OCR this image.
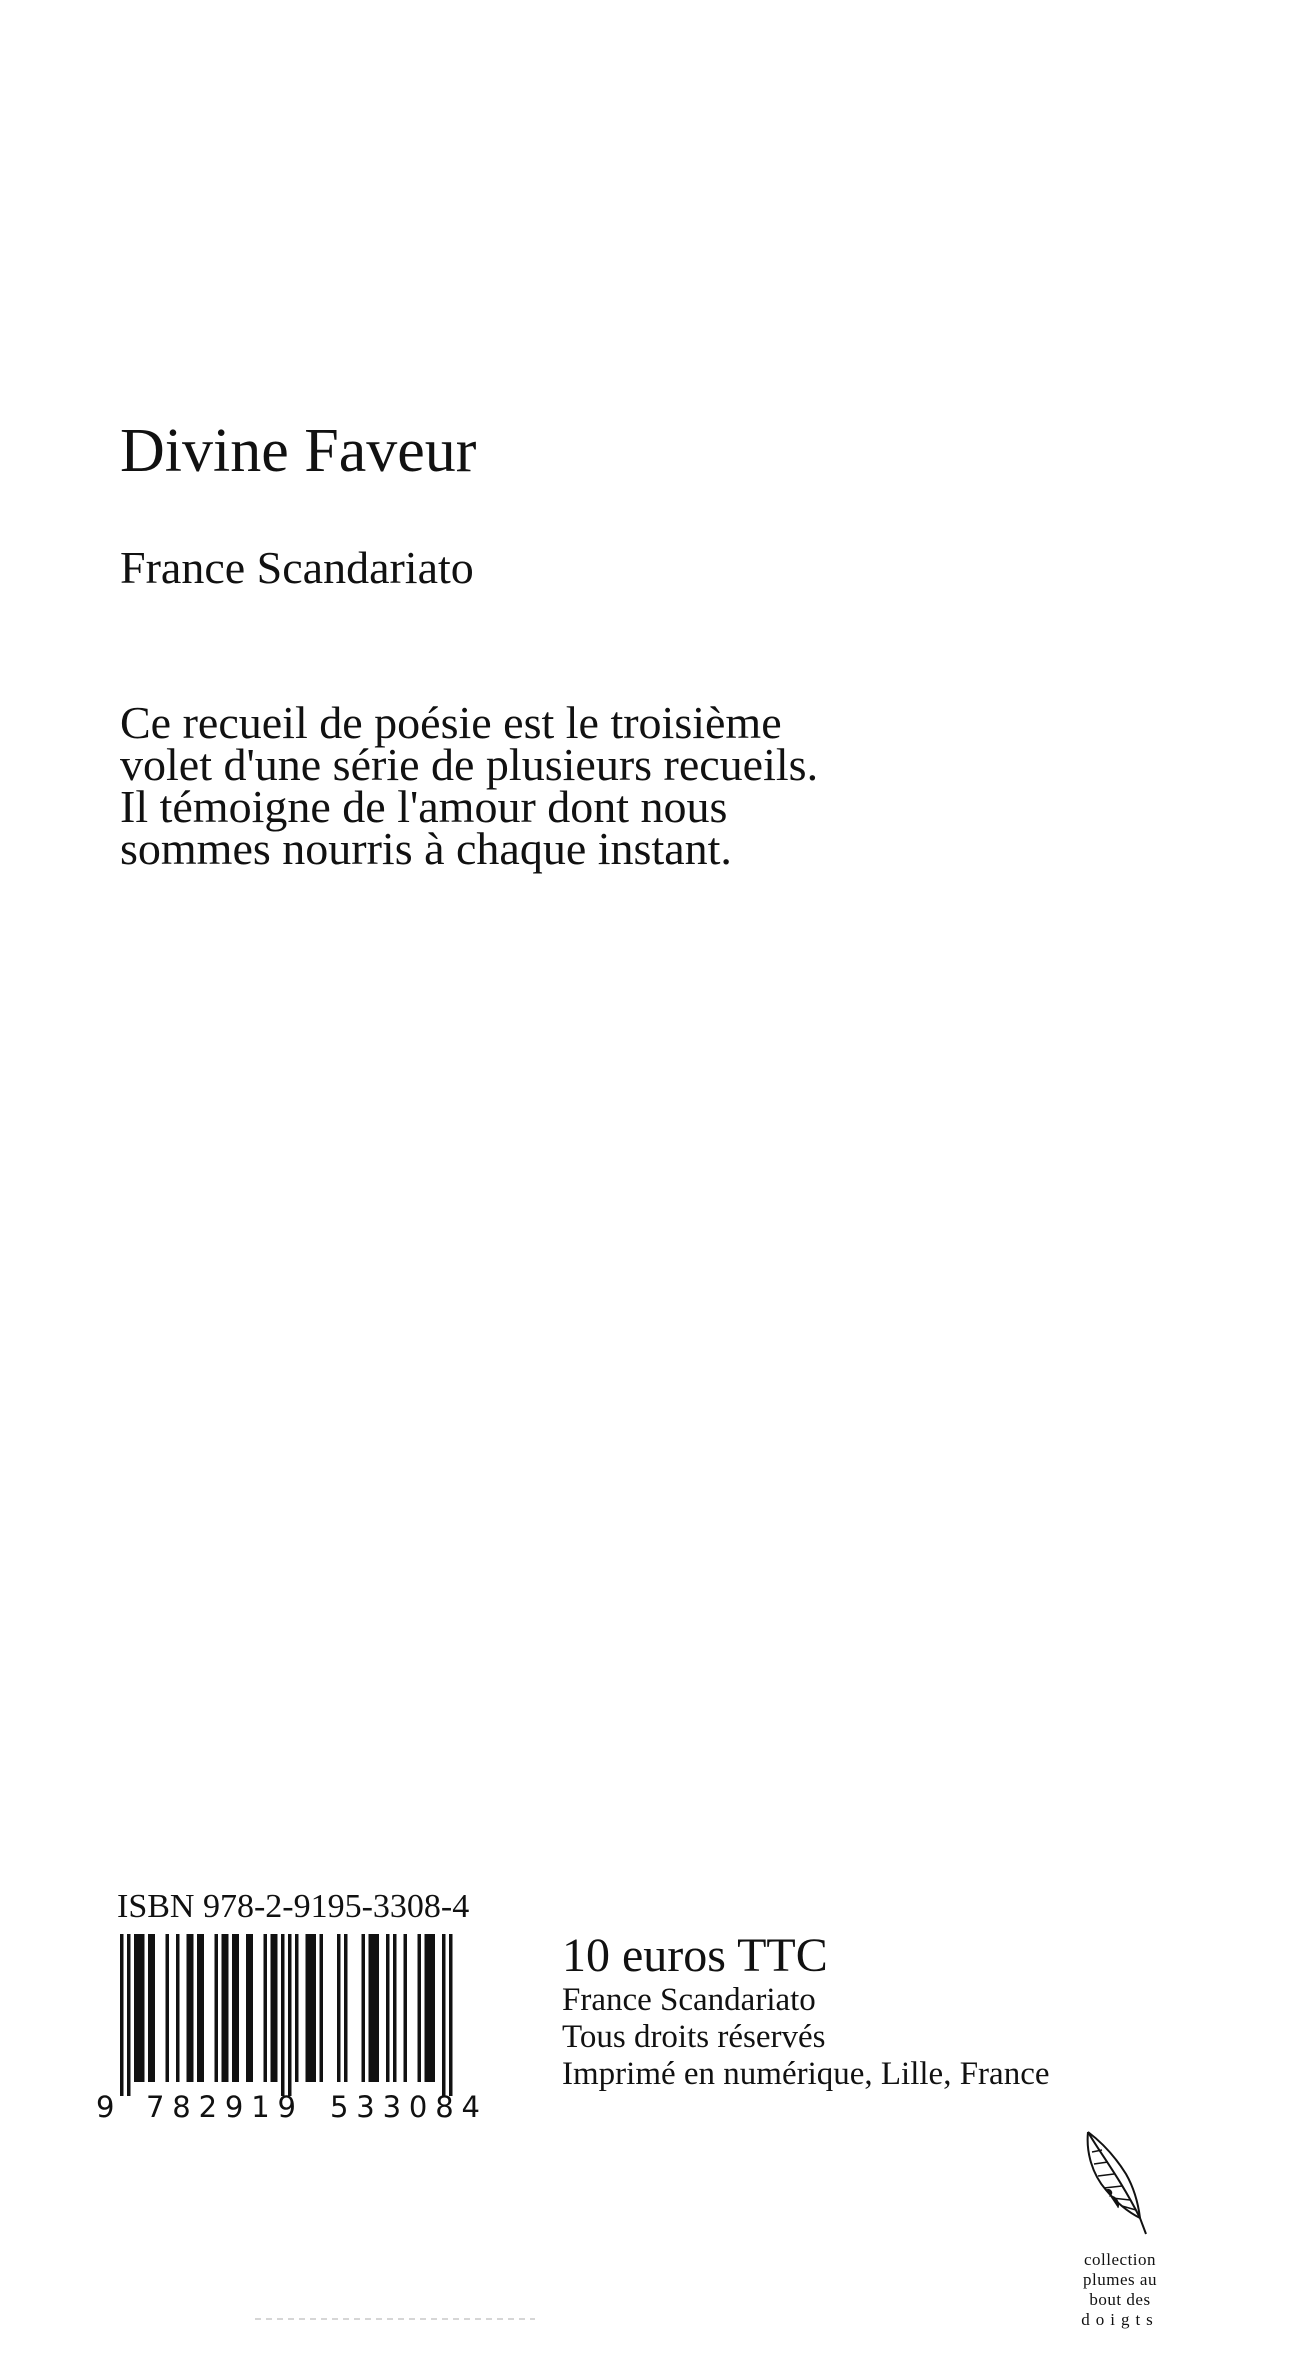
Divine Faveur
France Scandariato
Ce recueil de poésie est le troisième
volet d'une série de plusieurs recueils.
Il témoigne de l'amour dont nous
sommes nourris à chaque instant.
ISBN 978-2-9195-3308-4
9 782919 533084
10 euros TTC
France Scandariato
Tous droits réservés
Imprimé en numérique, Lille, France
collection
plumes au
bout des
doigts
